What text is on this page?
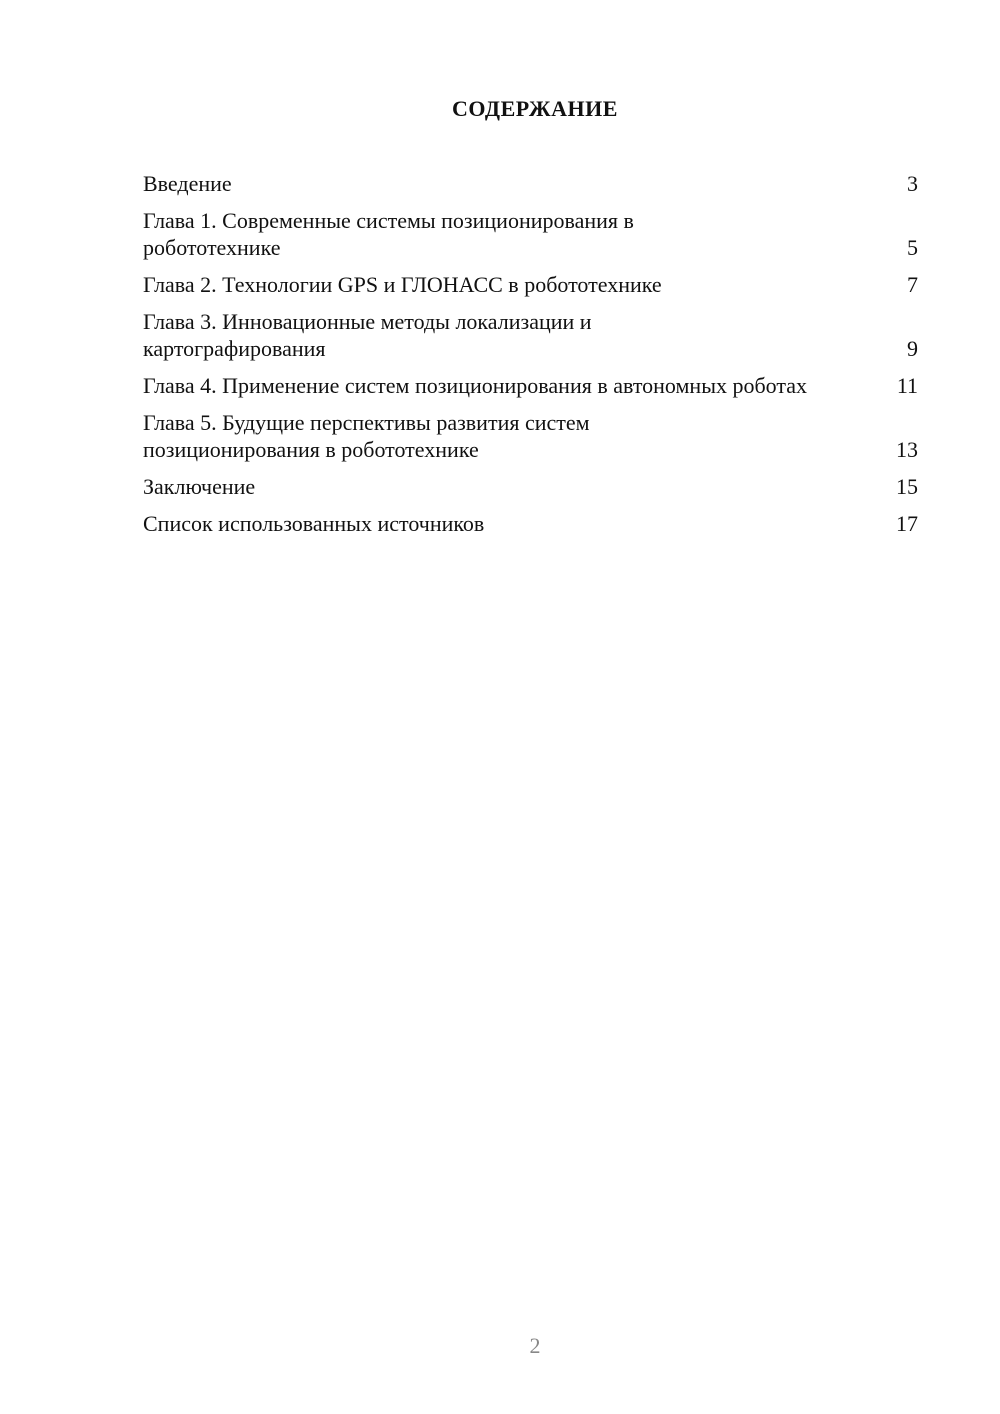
СОДЕРЖАНИЕ
Введение	3
Глава 1. Современные системы позиционирования в робототехнике	5
Глава 2. Технологии GPS и ГЛОНАСС в робототехнике	7
Глава 3. Инновационные методы локализации и картографирования	9
Глава 4. Применение систем позиционирования в автономных роботах	11
Глава 5. Будущие перспективы развития систем позиционирования в робототехнике	13
Заключение	15
Список использованных источников	17
2
